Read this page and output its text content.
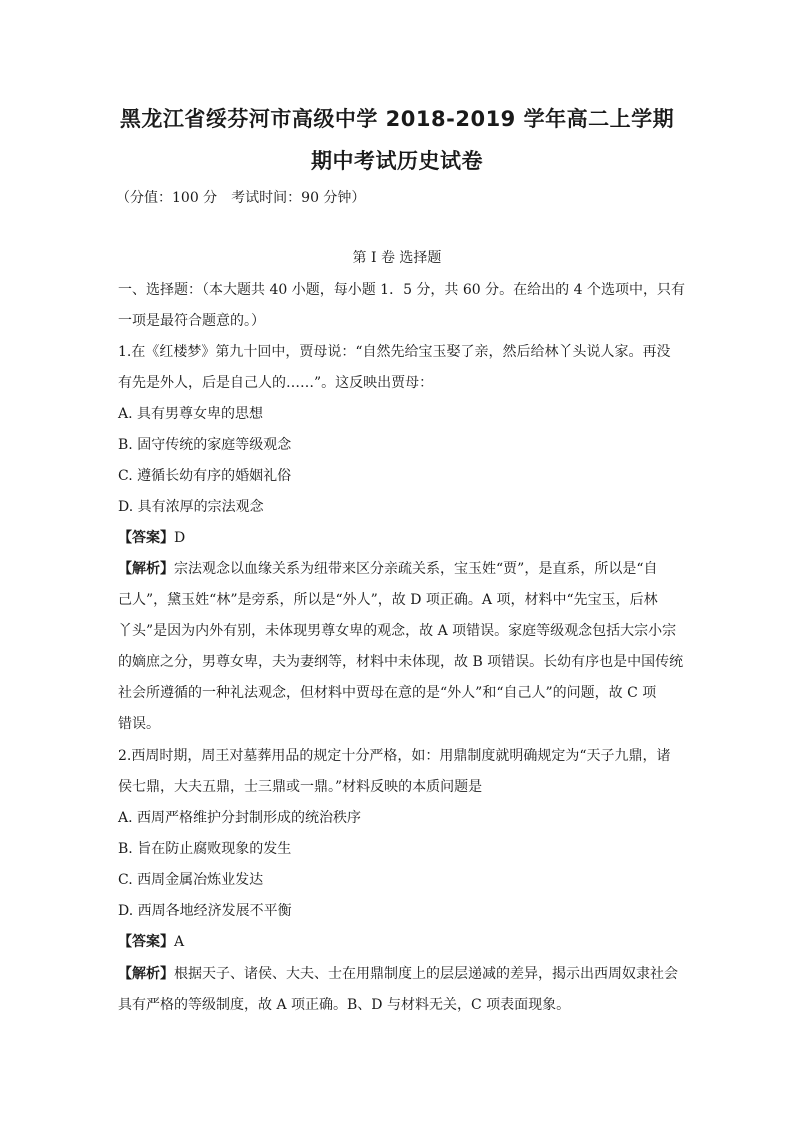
黑龙江省绥芬河市高级中学 2018-2019 学年高二上学期
期中考试历史试卷

（分值：100 分　考试时间：90 分钟）

第 I 卷 选择题

一、选择题：（本大题共 40 小题，每小题 1．5 分，共 60 分。在给出的 4 个选项中，只有

一项是最符合题意的。）

1.在《红楼梦》第九十回中，贾母说：“自然先给宝玉娶了亲，然后给林丫头说人家。再没

有先是外人，后是自己人的……”。这反映出贾母：

A. 具有男尊女卑的思想

B. 固守传统的家庭等级观念

C. 遵循长幼有序的婚姻礼俗

D. 具有浓厚的宗法观念

【答案】D

【解析】宗法观念以血缘关系为纽带来区分亲疏关系，宝玉姓“贾”，是直系，所以是“自

己人”，黛玉姓“林”是旁系，所以是“外人”，故 D 项正确。A 项，材料中“先宝玉，后林

丫头”是因为内外有别，未体现男尊女卑的观念，故 A 项错误。家庭等级观念包括大宗小宗

的嫡庶之分，男尊女卑，夫为妻纲等，材料中未体现，故 B 项错误。长幼有序也是中国传统

社会所遵循的一种礼法观念，但材料中贾母在意的是“外人”和“自己人”的问题，故 C 项

错误。

2.西周时期，周王对墓葬用品的规定十分严格，如：用鼎制度就明确规定为“天子九鼎，诸

侯七鼎，大夫五鼎，士三鼎或一鼎。”材料反映的本质问题是

A. 西周严格维护分封制形成的统治秩序

B. 旨在防止腐败现象的发生

C. 西周金属冶炼业发达

D. 西周各地经济发展不平衡

【答案】A

【解析】根据天子、诸侯、大夫、士在用鼎制度上的层层递减的差异，揭示出西周奴隶社会

具有严格的等级制度，故 A 项正确。B、D 与材料无关，C 项表面现象。
